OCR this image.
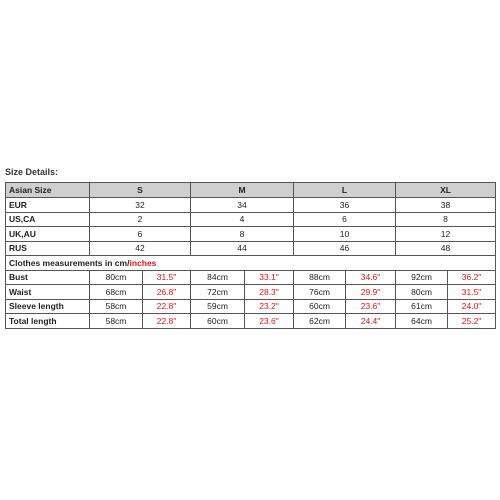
Size Details:
Asian Size	S		M		L		XL	
EUR	32		34		36		38	
US,CA	2		4		6		8	
UK,AU	6		8		10		12	
RUS	42		44		46		48	
Clothes measurements in cm/inches								
Bust	80cm	31.5"	84cm	33.1"	88cm	34.6"	92cm	36.2"
Waist	68cm	26.8"	72cm	28.3"	76cm	29.9"	80cm	31.5"
Sleeve length	58cm	22.8"	59cm	23.2"	60cm	23.6"	61cm	24.0"
Total length	58cm	22.8"	60cm	23.6"	62cm	24.4"	64cm	25.2"
